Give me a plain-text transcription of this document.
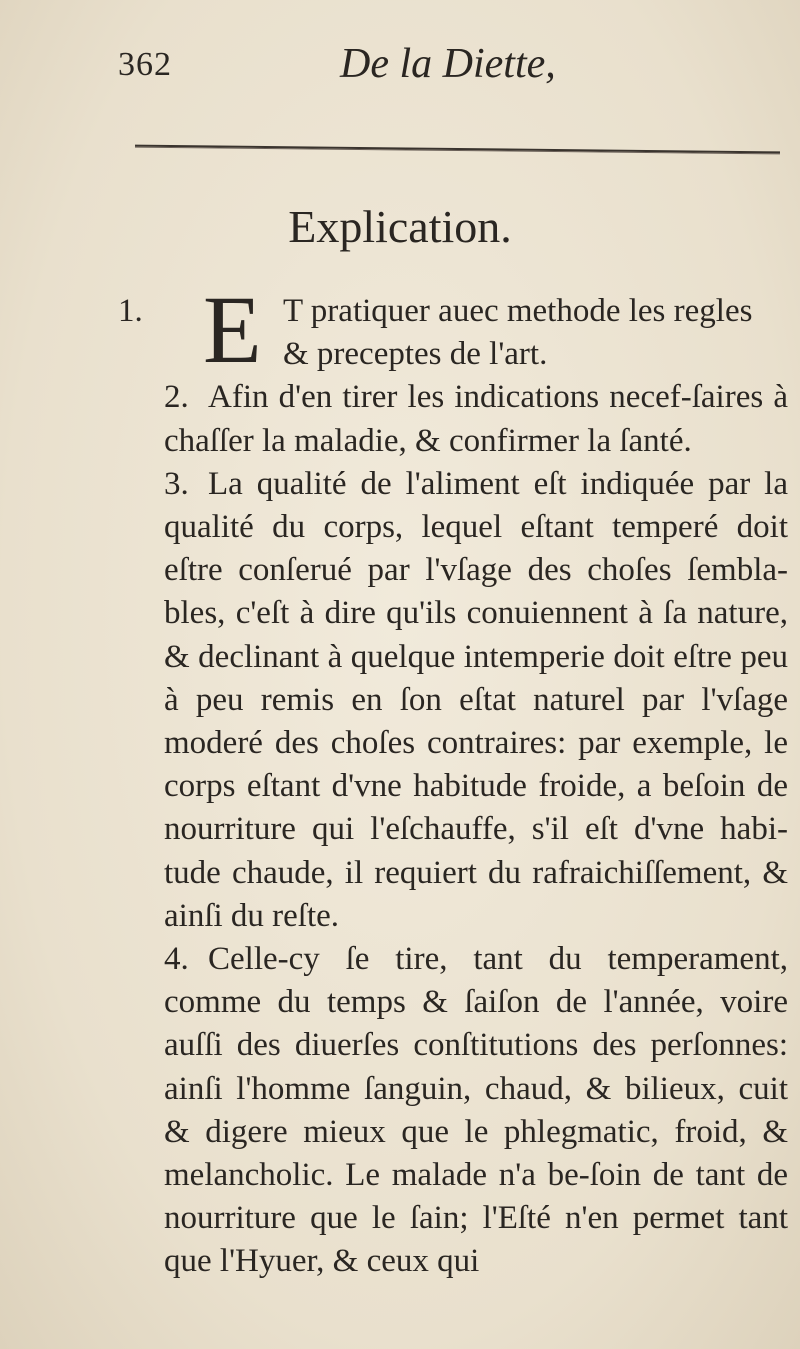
362	De la Diette,
Explication.
1. E T pratiquer auec methode les regles
& preceptes de l'art.

2. Afin d'en tirer les indications necef-ſaires à chaſſer la maladie, & confirmer la ſanté.

3. La qualité de l'aliment eſt indiquée par la qualité du corps, lequel eſtant temperé doit eſtre conſerué par l'vſage des choſes ſembla-bles, c'eſt à dire qu'ils conuiennent à ſa nature, & declinant à quelque intemperie doit eſtre peu à peu remis en ſon eſtat naturel par l'vſage moderé des choſes contraires: par exemple, le corps eſtant d'vne habitude froide, a beſoin de nourriture qui l'eſchauffe, s'il eſt d'vne habi-tude chaude, il requiert du rafraichiſſement, & ainſi du reſte.

4. Celle-cy ſe tire, tant du temperament, comme du temps & ſaiſon de l'année, voire auſſi des diuerſes conſtitutions des perſonnes: ainſi l'homme ſanguin, chaud, & bilieux, cuit & digere mieux que le phlegmatic, froid, & melancholic. Le malade n'a be-ſoin de tant de nourriture que le ſain; l'Eſté n'en permet tant que l'Hyuer, & ceux qui
